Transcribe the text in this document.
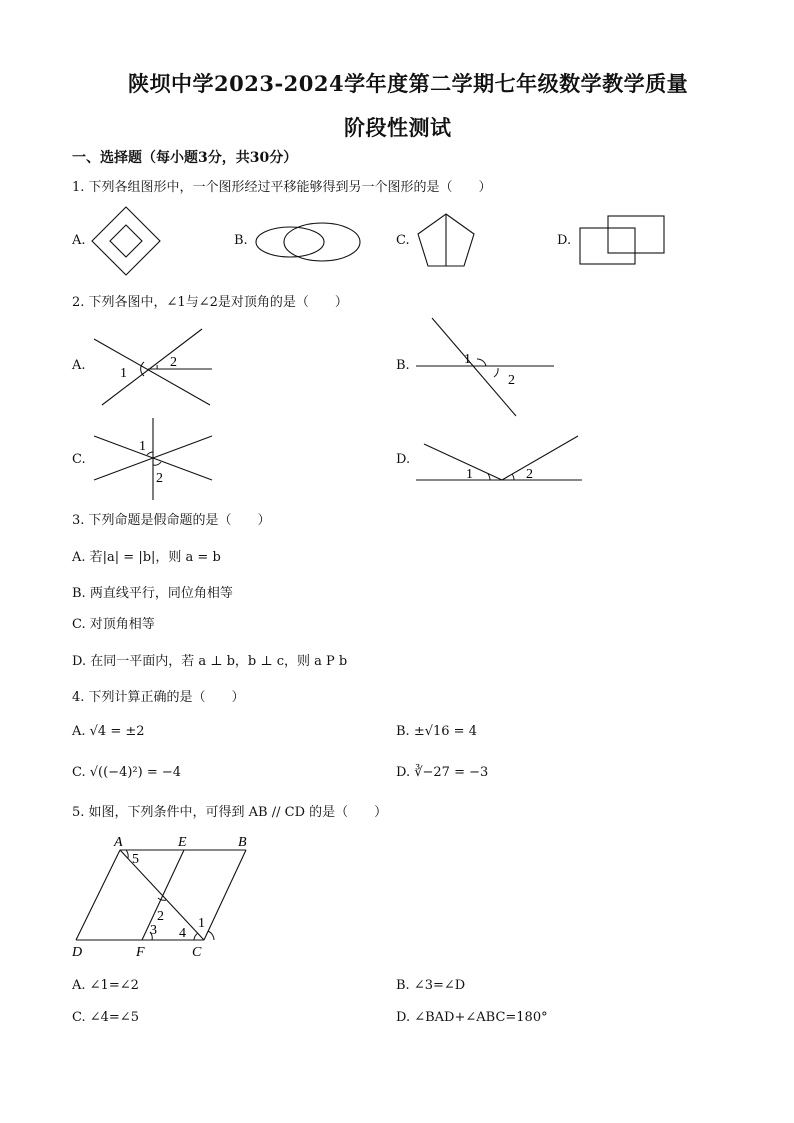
陕坝中学2023-2024学年度第二学期七年级数学教学质量
阶段性测试
一、选择题（每小题3分，共30分）
1. 下列各组图形中，一个图形经过平移能够得到另一个图形的是（　　）
A.	B.	C.	D.
2. 下列各图中，∠1与∠2是对顶角的是（　　）
A.	B.
C.	D.
1
2	1
2
1
2	1	2
3. 下列命题是假命题的是（　　）
A. 若|a| = |b|，则 a = b
B. 两直线平行，同位角相等
C. 对顶角相等
D. 在同一平面内，若 a ⊥ b，b ⊥ c，则 a P b
4. 下列计算正确的是（　　）
A. √4 = ±2	B. ±√16 = 4
C. √((−4)²) = −4	D. ∛−27 = −3
5. 如图，下列条件中，可得到 AB // CD 的是（　　）
A	E	B
D	F	C
5
2
3 4
1
A. ∠1=∠2	B. ∠3=∠D
C. ∠4=∠5	D. ∠BAD+∠ABC=180°
